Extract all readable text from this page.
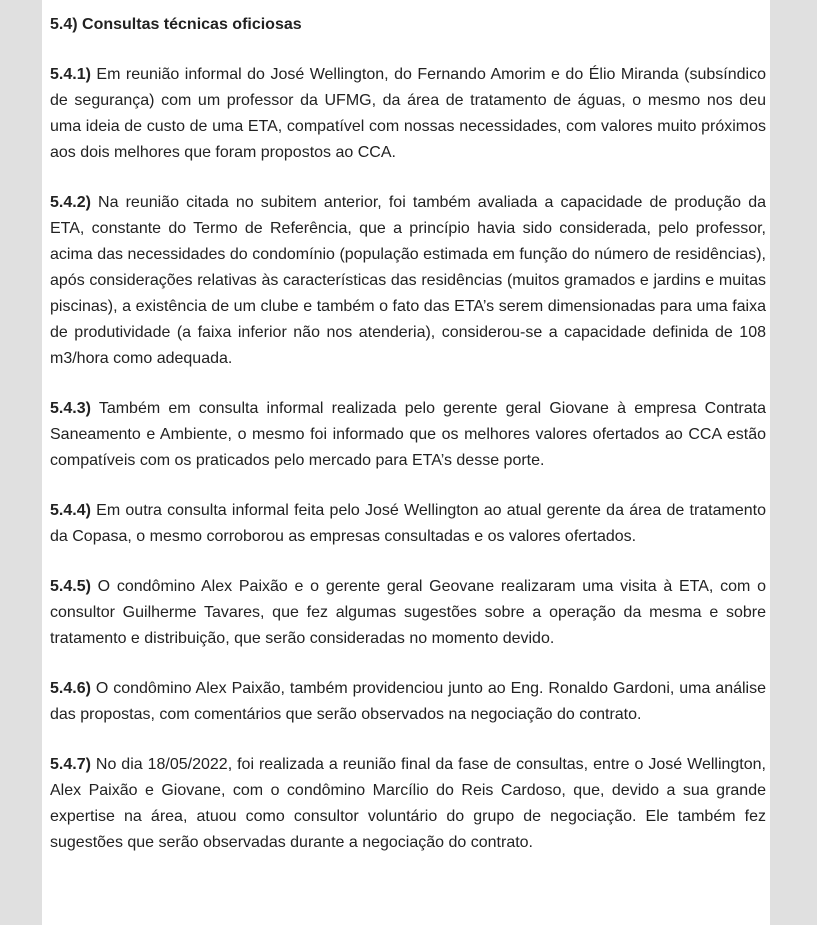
5.4) Consultas técnicas oficiosas

5.4.1) Em reunião informal do José Wellington, do Fernando Amorim e do Élio Miranda (subsíndico de segurança) com um professor da UFMG, da área de tratamento de águas, o mesmo nos deu uma ideia de custo de uma ETA, compatível com nossas necessidades, com valores muito próximos aos dois melhores que foram propostos ao CCA.

5.4.2) Na reunião citada no subitem anterior, foi também avaliada a capacidade de produção da ETA, constante do Termo de Referência, que a princípio havia sido considerada, pelo professor, acima das necessidades do condomínio (população estimada em função do número de residências), após considerações relativas às características das residências (muitos gramados e jardins e muitas piscinas), a existência de um clube e também o fato das ETA’s serem dimensionadas para uma faixa de produtividade (a faixa inferior não nos atenderia), considerou-se a capacidade definida de 108 m3/hora como adequada.

5.4.3) Também em consulta informal realizada pelo gerente geral Giovane à empresa Contrata Saneamento e Ambiente, o mesmo foi informado que os melhores valores ofertados ao CCA estão compatíveis com os praticados pelo mercado para ETA’s desse porte.

5.4.4) Em outra consulta informal feita pelo José Wellington ao atual gerente da área de tratamento da Copasa, o mesmo corroborou as empresas consultadas e os valores ofertados.

5.4.5) O condômino Alex Paixão e o gerente geral Geovane realizaram uma visita à ETA, com o consultor Guilherme Tavares, que fez algumas sugestões sobre a operação da mesma e sobre tratamento e distribuição, que serão consideradas no momento devido.

5.4.6) O condômino Alex Paixão, também providenciou junto ao Eng. Ronaldo Gardoni, uma análise das propostas, com comentários que serão observados na negociação do contrato.

5.4.7) No dia 18/05/2022, foi realizada a reunião final da fase de consultas, entre o José Wellington, Alex Paixão e Giovane, com o condômino Marcílio do Reis Cardoso, que, devido a sua grande expertise na área, atuou como consultor voluntário do grupo de negociação. Ele também fez sugestões que serão observadas durante a negociação do contrato.
